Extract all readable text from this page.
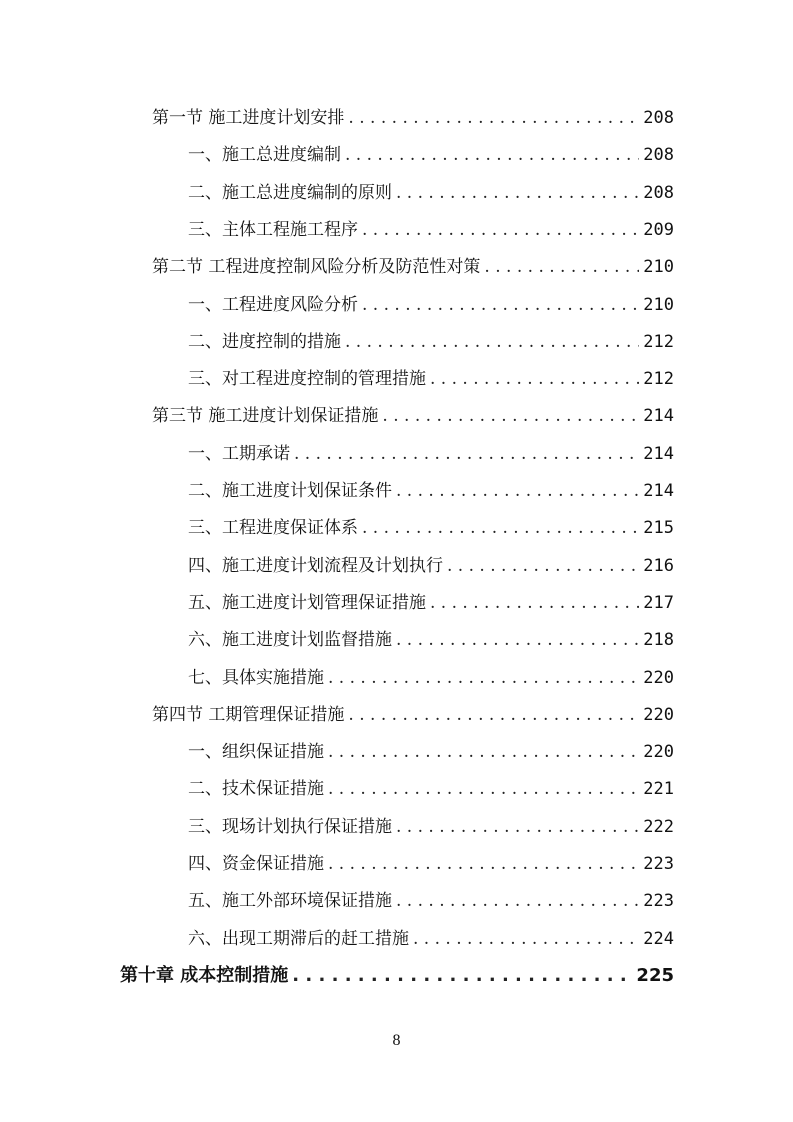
第一节 施工进度计划安排 . . .	208
一、施工总进度编制 . . .	208
二、施工总进度编制的原则 . . .	208
三、主体工程施工程序 . . .	209
第二节 工程进度控制风险分析及防范性对策 . . .	210
一、工程进度风险分析 . . .	210
二、进度控制的措施 . . .	212
三、对工程进度控制的管理措施 . . .	212
第三节 施工进度计划保证措施 . . .	214
一、工期承诺 . . .	214
二、施工进度计划保证条件 . . .	214
三、工程进度保证体系 . . .	215
四、施工进度计划流程及计划执行 . . .	216
五、施工进度计划管理保证措施 . . .	217
六、施工进度计划监督措施 . . .	218
七、具体实施措施 . . .	220
第四节 工期管理保证措施 . . .	220
一、组织保证措施 . . .	220
二、技术保证措施 . . .	221
三、现场计划执行保证措施 . . .	222
四、资金保证措施 . . .	223
五、施工外部环境保证措施 . . .	223
六、出现工期滞后的赶工措施 . . .	224
第十章 成本控制措施 . . .	225
8
